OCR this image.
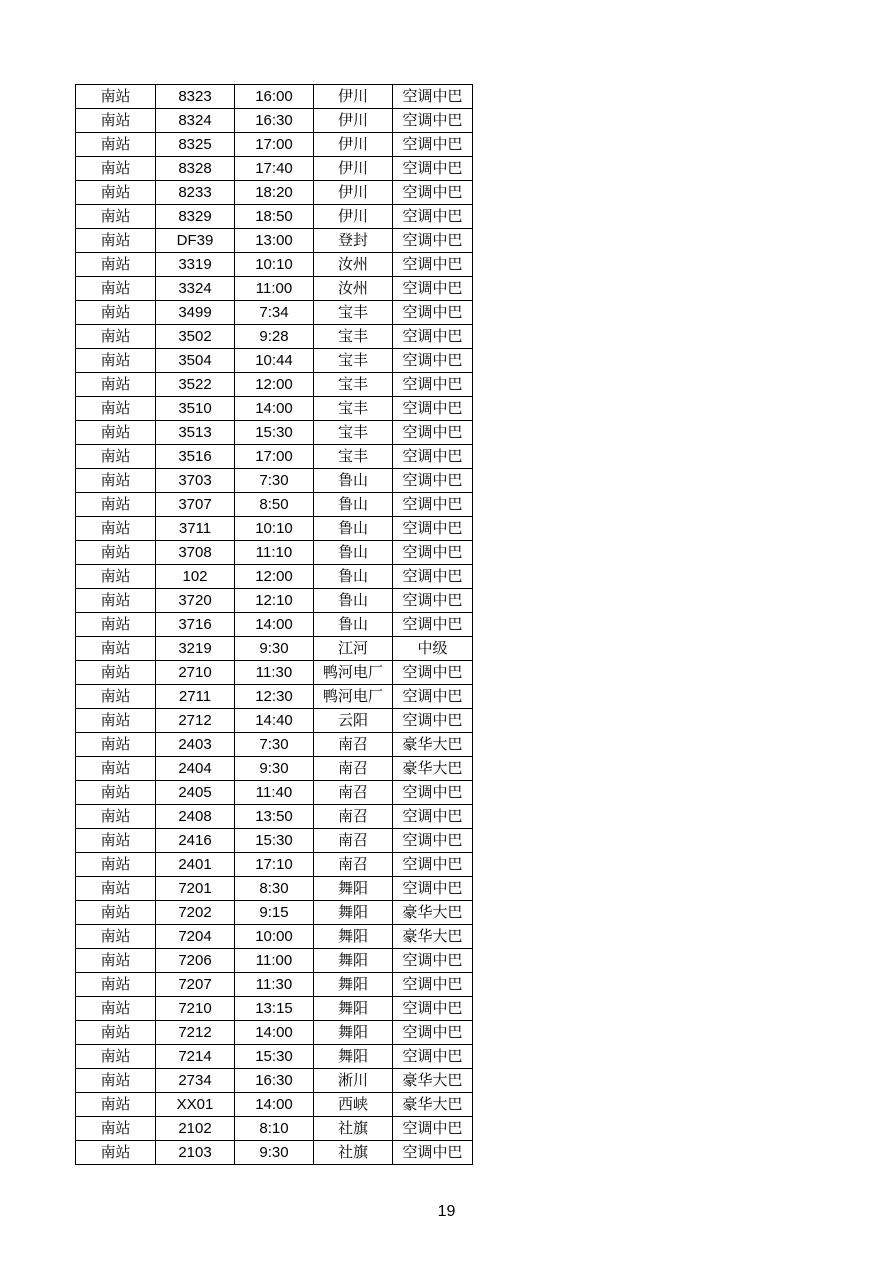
南站	8323	16:00	伊川	空调中巴
南站	8324	16:30	伊川	空调中巴
南站	8325	17:00	伊川	空调中巴
南站	8328	17:40	伊川	空调中巴
南站	8233	18:20	伊川	空调中巴
南站	8329	18:50	伊川	空调中巴
南站	DF39	13:00	登封	空调中巴
南站	3319	10:10	汝州	空调中巴
南站	3324	11:00	汝州	空调中巴
南站	3499	7:34	宝丰	空调中巴
南站	3502	9:28	宝丰	空调中巴
南站	3504	10:44	宝丰	空调中巴
南站	3522	12:00	宝丰	空调中巴
南站	3510	14:00	宝丰	空调中巴
南站	3513	15:30	宝丰	空调中巴
南站	3516	17:00	宝丰	空调中巴
南站	3703	7:30	鲁山	空调中巴
南站	3707	8:50	鲁山	空调中巴
南站	3711	10:10	鲁山	空调中巴
南站	3708	11:10	鲁山	空调中巴
南站	102	12:00	鲁山	空调中巴
南站	3720	12:10	鲁山	空调中巴
南站	3716	14:00	鲁山	空调中巴
南站	3219	9:30	江河	中级
南站	2710	11:30	鸭河电厂	空调中巴
南站	2711	12:30	鸭河电厂	空调中巴
南站	2712	14:40	云阳	空调中巴
南站	2403	7:30	南召	豪华大巴
南站	2404	9:30	南召	豪华大巴
南站	2405	11:40	南召	空调中巴
南站	2408	13:50	南召	空调中巴
南站	2416	15:30	南召	空调中巴
南站	2401	17:10	南召	空调中巴
南站	7201	8:30	舞阳	空调中巴
南站	7202	9:15	舞阳	豪华大巴
南站	7204	10:00	舞阳	豪华大巴
南站	7206	11:00	舞阳	空调中巴
南站	7207	11:30	舞阳	空调中巴
南站	7210	13:15	舞阳	空调中巴
南站	7212	14:00	舞阳	空调中巴
南站	7214	15:30	舞阳	空调中巴
南站	2734	16:30	淅川	豪华大巴
南站	XX01	14:00	西峡	豪华大巴
南站	2102	8:10	社旗	空调中巴
南站	2103	9:30	社旗	空调中巴
19
